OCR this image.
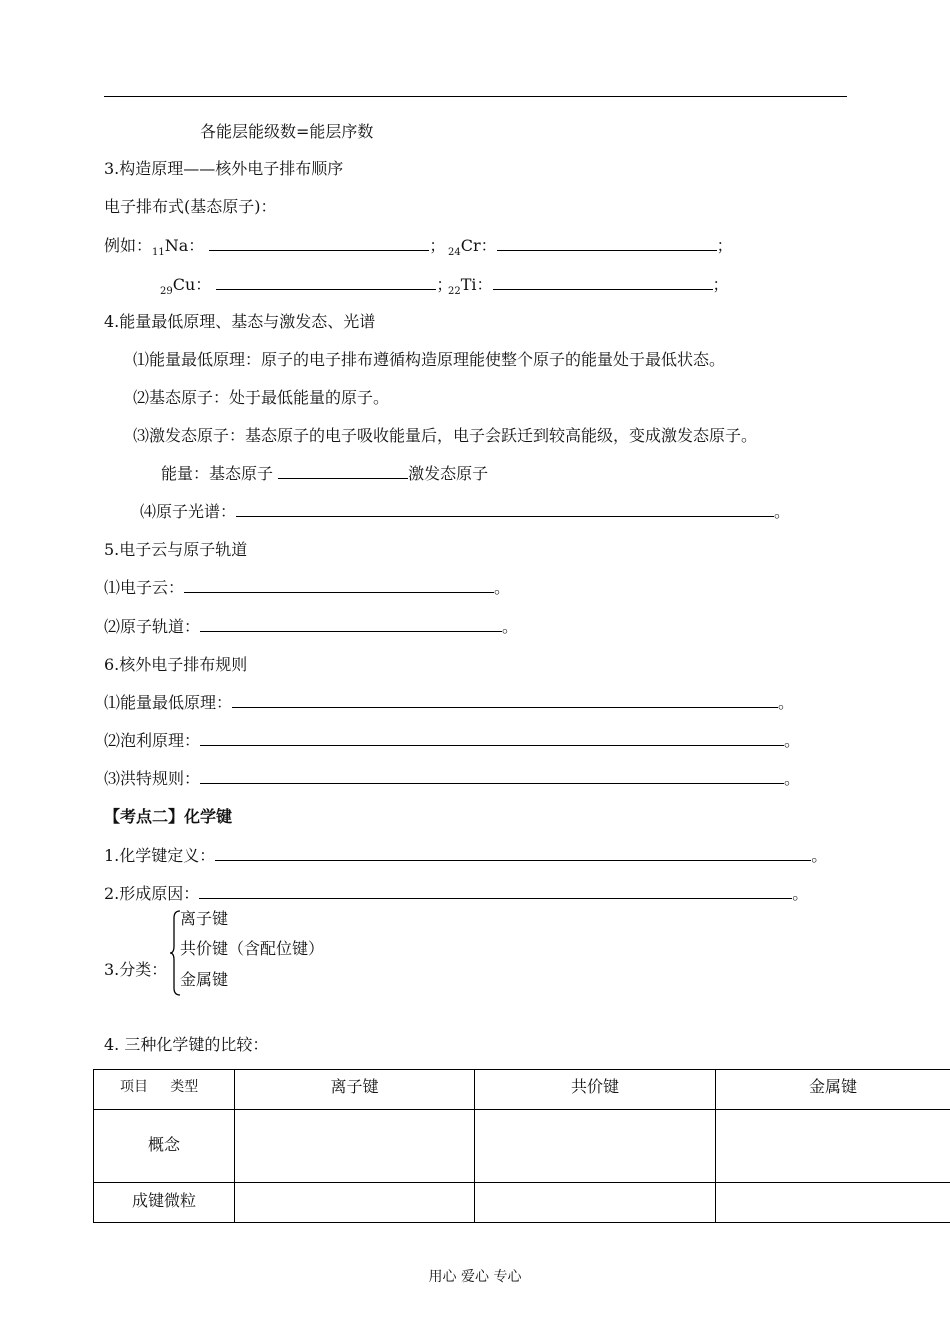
各能层能级数=能层序数
3.构造原理——核外电子排布顺序
电子排布式(基态原子)：
例如：$_{11}$Na：	； $_{24}$Cr：	；
$_{29}$Cu：	；
$_{22}$Ti：	；
4.能量最低原理、基态与激发态、光谱
⑴能量最低原理：原子的电子排布遵循构造原理能使整个原子的能量处于最低状态。
⑵基态原子：处于最低能量的原子。
⑶激发态原子：基态原子的电子吸收能量后，电子会跃迁到较高能级，变成激发态原子。
能量：基态原子	激发态原子
⑷原子光谱：	。
5.电子云与原子轨道
⑴电子云：	。
⑵原子轨道：	。
6.核外电子排布规则
⑴能量最低原理：	。
⑵泡利原理：	。
⑶洪特规则：	。
【考点二】化学键
1.化学键定义：	。
2.形成原因：	。
3.分类：
离子键
共价键（含配位键）
金属键
4. 三种化学键的比较：
项目 类型	离子键	共价键	金属键
概念			
成键微粒			
用心 爱心 专心
